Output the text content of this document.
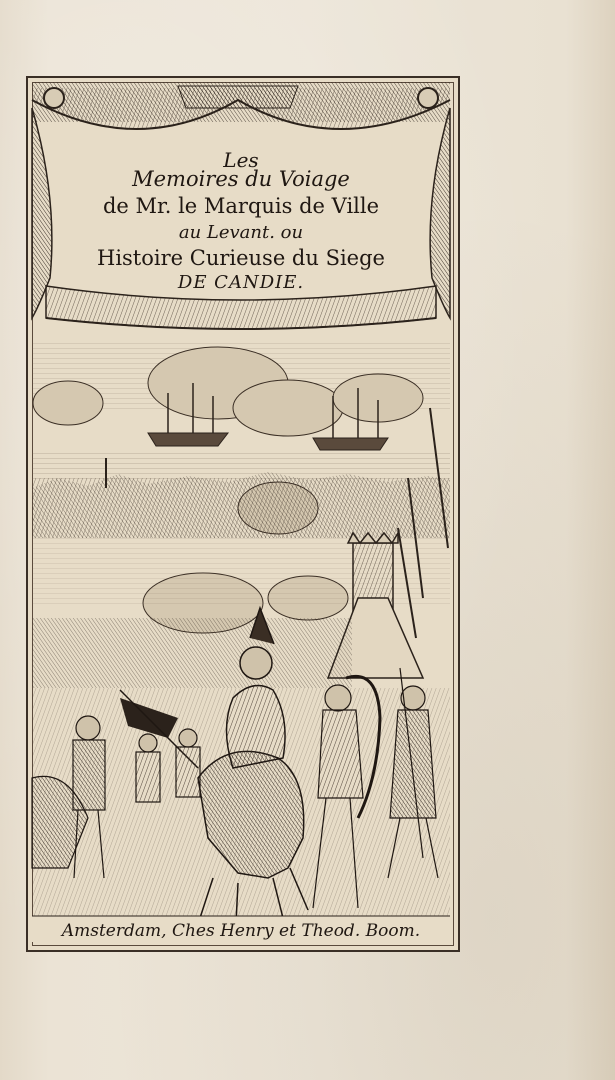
Les
Memoires du Voiage
de Mr. le Marquis de Ville
au Levant. ou
Histoire Curieuse du Siege
DE CANDIE.
Amsterdam, Ches Henry et Theod. Boom.
